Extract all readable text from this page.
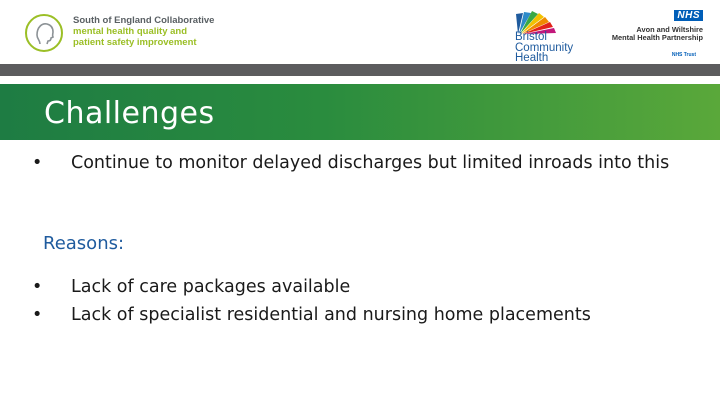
South of England Collaborative
mental health quality and
patient safety improvement	Bristol
Community
Health
NHS
Avon and Wiltshire
Mental Health Partnership
NHS Trust
Challenges
• Continue to monitor delayed discharges but limited inroads into this
Reasons:
• Lack of care packages available
• Lack of specialist residential and nursing home placements
